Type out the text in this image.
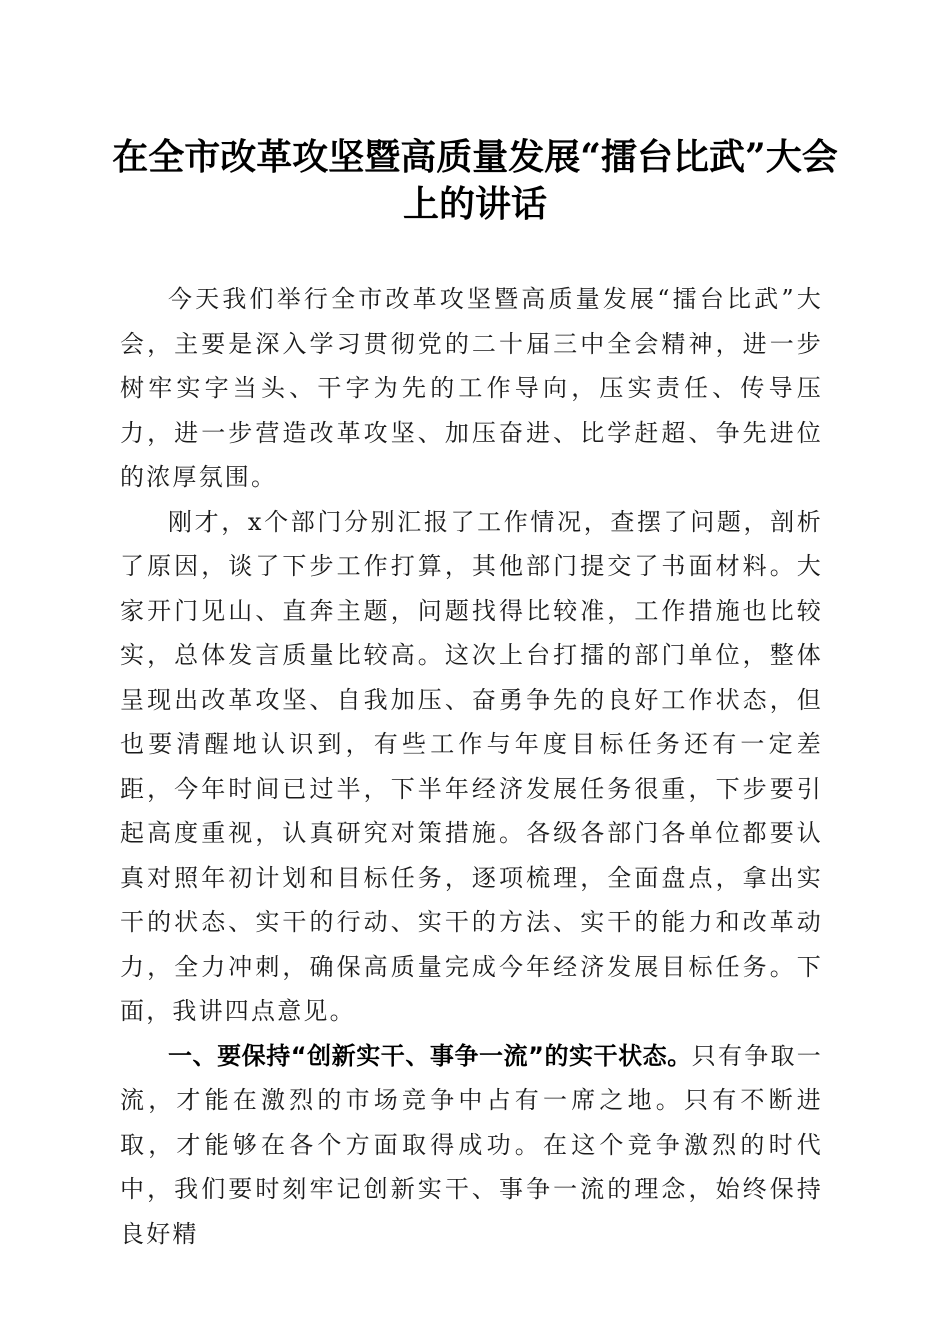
在全市改革攻坚暨高质量发展“擂台比武”大会上的讲话

今天我们举行全市改革攻坚暨高质量发展“擂台比武”大会，主要是深入学习贯彻党的二十届三中全会精神，进一步树牢实字当头、干字为先的工作导向，压实责任、传导压力，进一步营造改革攻坚、加压奋进、比学赶超、争先进位的浓厚氛围。

刚才，x个部门分别汇报了工作情况，查摆了问题，剖析了原因，谈了下步工作打算，其他部门提交了书面材料。大家开门见山、直奔主题，问题找得比较准，工作措施也比较实，总体发言质量比较高。这次上台打擂的部门单位，整体呈现出改革攻坚、自我加压、奋勇争先的良好工作状态，但也要清醒地认识到，有些工作与年度目标任务还有一定差距，今年时间已过半，下半年经济发展任务很重，下步要引起高度重视，认真研究对策措施。各级各部门各单位都要认真对照年初计划和目标任务，逐项梳理，全面盘点，拿出实干的状态、实干的行动、实干的方法、实干的能力和改革动力，全力冲刺，确保高质量完成今年经济发展目标任务。下面，我讲四点意见。

一、要保持“创新实干、事争一流”的实干状态。只有争取一流，才能在激烈的市场竞争中占有一席之地。只有不断进取，才能够在各个方面取得成功。在这个竞争激烈的时代中，我们要时刻牢记创新实干、事争一流的理念，始终保持良好精
